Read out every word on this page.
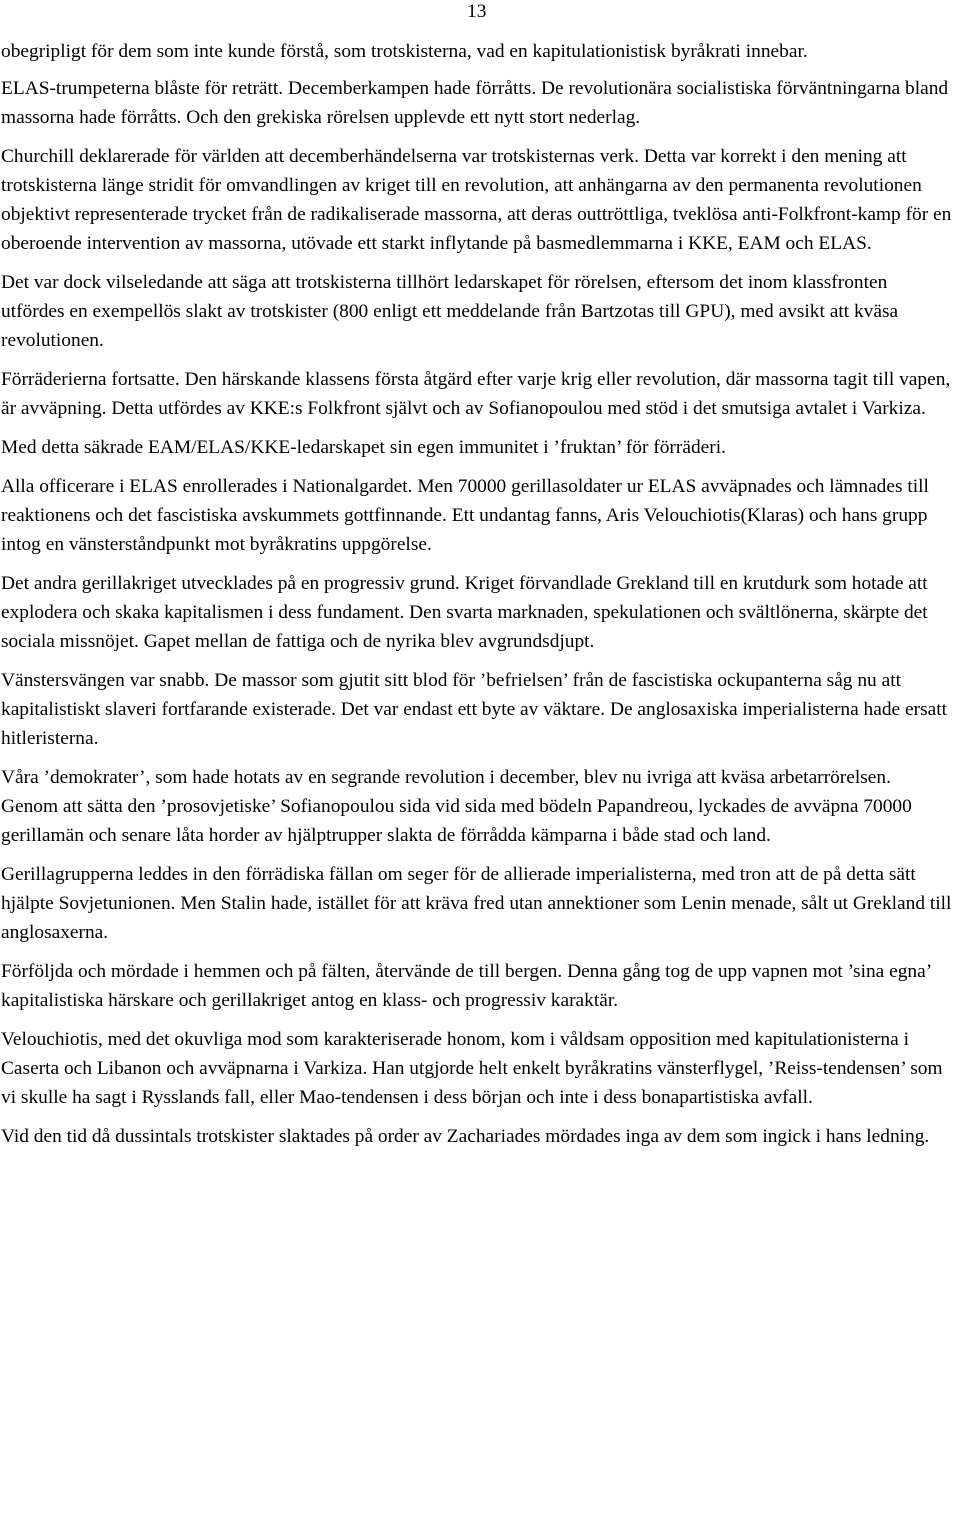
13

obegripligt för dem som inte kunde förstå, som trotskisterna, vad en kapitulationistisk byråkrati innebar.

ELAS-trumpeterna blåste för reträtt. Decemberkampen hade förråtts. De revolutionära socialistiska förväntningarna bland massorna hade förråtts. Och den grekiska rörelsen upplevde ett nytt stort nederlag.

Churchill deklarerade för världen att decemberhändelserna var trotskisternas verk. Detta var korrekt i den mening att trotskisterna länge stridit för omvandlingen av kriget till en revolution, att anhängarna av den permanenta revolutionen objektivt representerade trycket från de radikaliserade massorna, att deras outtröttliga, tveklösa anti-Folkfront-kamp för en oberoende intervention av massorna, utövade ett starkt inflytande på basmedlemmarna i KKE, EAM och ELAS.

Det var dock vilseledande att säga att trotskisterna tillhört ledarskapet för rörelsen, eftersom det inom klassfronten utfördes en exempellös slakt av trotskister (800 enligt ett meddelande från Bartzotas till GPU), med avsikt att kväsa revolutionen.

Förräderierna fortsatte. Den härskande klassens första åtgärd efter varje krig eller revolution, där massorna tagit till vapen, är avväpning. Detta utfördes av KKE:s Folkfront självt och av Sofianopoulou med stöd i det smutsiga avtalet i Varkiza.

Med detta säkrade EAM/ELAS/KKE-ledarskapet sin egen immunitet i ’fruktan’ för förräderi.

Alla officerare i ELAS enrollerades i Nationalgardet. Men 70000 gerillasoldater ur ELAS avväpnades och lämnades till reaktionens och det fascistiska avskummets gottfinnande. Ett undantag fanns, Aris Velouchiotis(Klaras) och hans grupp intog en vänsterståndpunkt mot byråkratins uppgörelse.

Det andra gerillakriget utvecklades på en progressiv grund. Kriget förvandlade Grekland till en krutdurk som hotade att explodera och skaka kapitalismen i dess fundament. Den svarta marknaden, spekulationen och svältlönerna, skärpte det sociala missnöjet. Gapet mellan de fattiga och de nyrika blev avgrundsdjupt.

Vänstersvängen var snabb. De massor som gjutit sitt blod för ’befrielsen’ från de fascistiska ockupanterna såg nu att kapitalistiskt slaveri fortfarande existerade. Det var endast ett byte av väktare. De anglosaxiska imperialisterna hade ersatt hitleristerna.

Våra ’demokrater’, som hade hotats av en segrande revolution i december, blev nu ivriga att kväsa arbetarrörelsen. Genom att sätta den ’prosovjetiske’ Sofianopoulou sida vid sida med bödeln Papandreou, lyckades de avväpna 70000 gerillamän och senare låta horder av hjälptrupper slakta de förrådda kämparna i både stad och land.

Gerillagrupperna leddes in den förrädiska fällan om seger för de allierade imperialisterna, med tron att de på detta sätt hjälpte Sovjetunionen. Men Stalin hade, istället för att kräva fred utan annektioner som Lenin menade, sålt ut Grekland till anglosaxerna.

Förföljda och mördade i hemmen och på fälten, återvände de till bergen. Denna gång tog de upp vapnen mot ’sina egna’ kapitalistiska härskare och gerillakriget antog en klass- och progressiv karaktär.

Velouchiotis, med det okuvliga mod som karakteriserade honom, kom i våldsam opposition med kapitulationisterna i Caserta och Libanon och avväpnarna i Varkiza. Han utgjorde helt enkelt byråkratins vänsterflygel, ’Reiss-tendensen’ som vi skulle ha sagt i Rysslands fall, eller Mao-tendensen i dess början och inte i dess bonapartistiska avfall.

Vid den tid då dussintals trotskister slaktades på order av Zachariades mördades inga av dem som ingick i hans ledning.
